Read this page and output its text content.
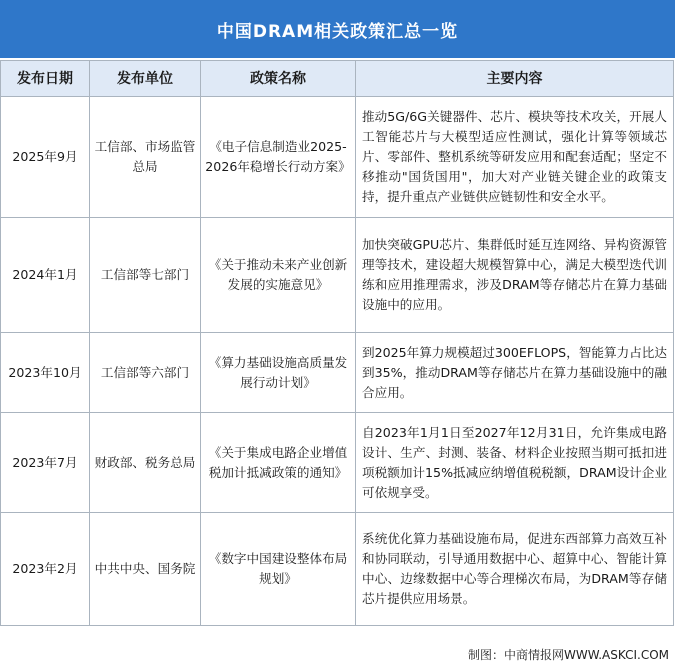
中国DRAM相关政策汇总一览
发布日期	发布单位	政策名称	主要内容
2025年9月	工信部、市场监管总局	《电子信息制造业2025-2026年稳增长行动方案》	推动5G/6G关键器件、芯片、模块等技术攻关，开展人工智能芯片与大模型适应性测试，强化计算等领域芯片、零部件、整机系统等研发应用和配套适配；坚定不移推动"国货国用"，加大对产业链关键企业的政策支持，提升重点产业链供应链韧性和安全水平。
2024年1月	工信部等七部门	《关于推动未来产业创新发展的实施意见》	加快突破GPU芯片、集群低时延互连网络、异构资源管理等技术，建设超大规模智算中心，满足大模型迭代训练和应用推理需求，涉及DRAM等存储芯片在算力基础设施中的应用。
2023年10月	工信部等六部门	《算力基础设施高质量发展行动计划》	到2025年算力规模超过300EFLOPS，智能算力占比达到35%，推动DRAM等存储芯片在算力基础设施中的融合应用。
2023年7月	财政部、税务总局	《关于集成电路企业增值税加计抵减政策的通知》	自2023年1月1日至2027年12月31日，允许集成电路设计、生产、封测、装备、材料企业按照当期可抵扣进项税额加计15%抵减应纳增值税税额，DRAM设计企业可依规享受。
2023年2月	中共中央、国务院	《数字中国建设整体布局规划》	系统优化算力基础设施布局，促进东西部算力高效互补和协同联动，引导通用数据中心、超算中心、智能计算中心、边缘数据中心等合理梯次布局，为DRAM等存储芯片提供应用场景。
制图：中商情报网WWW.ASKCI.COM
